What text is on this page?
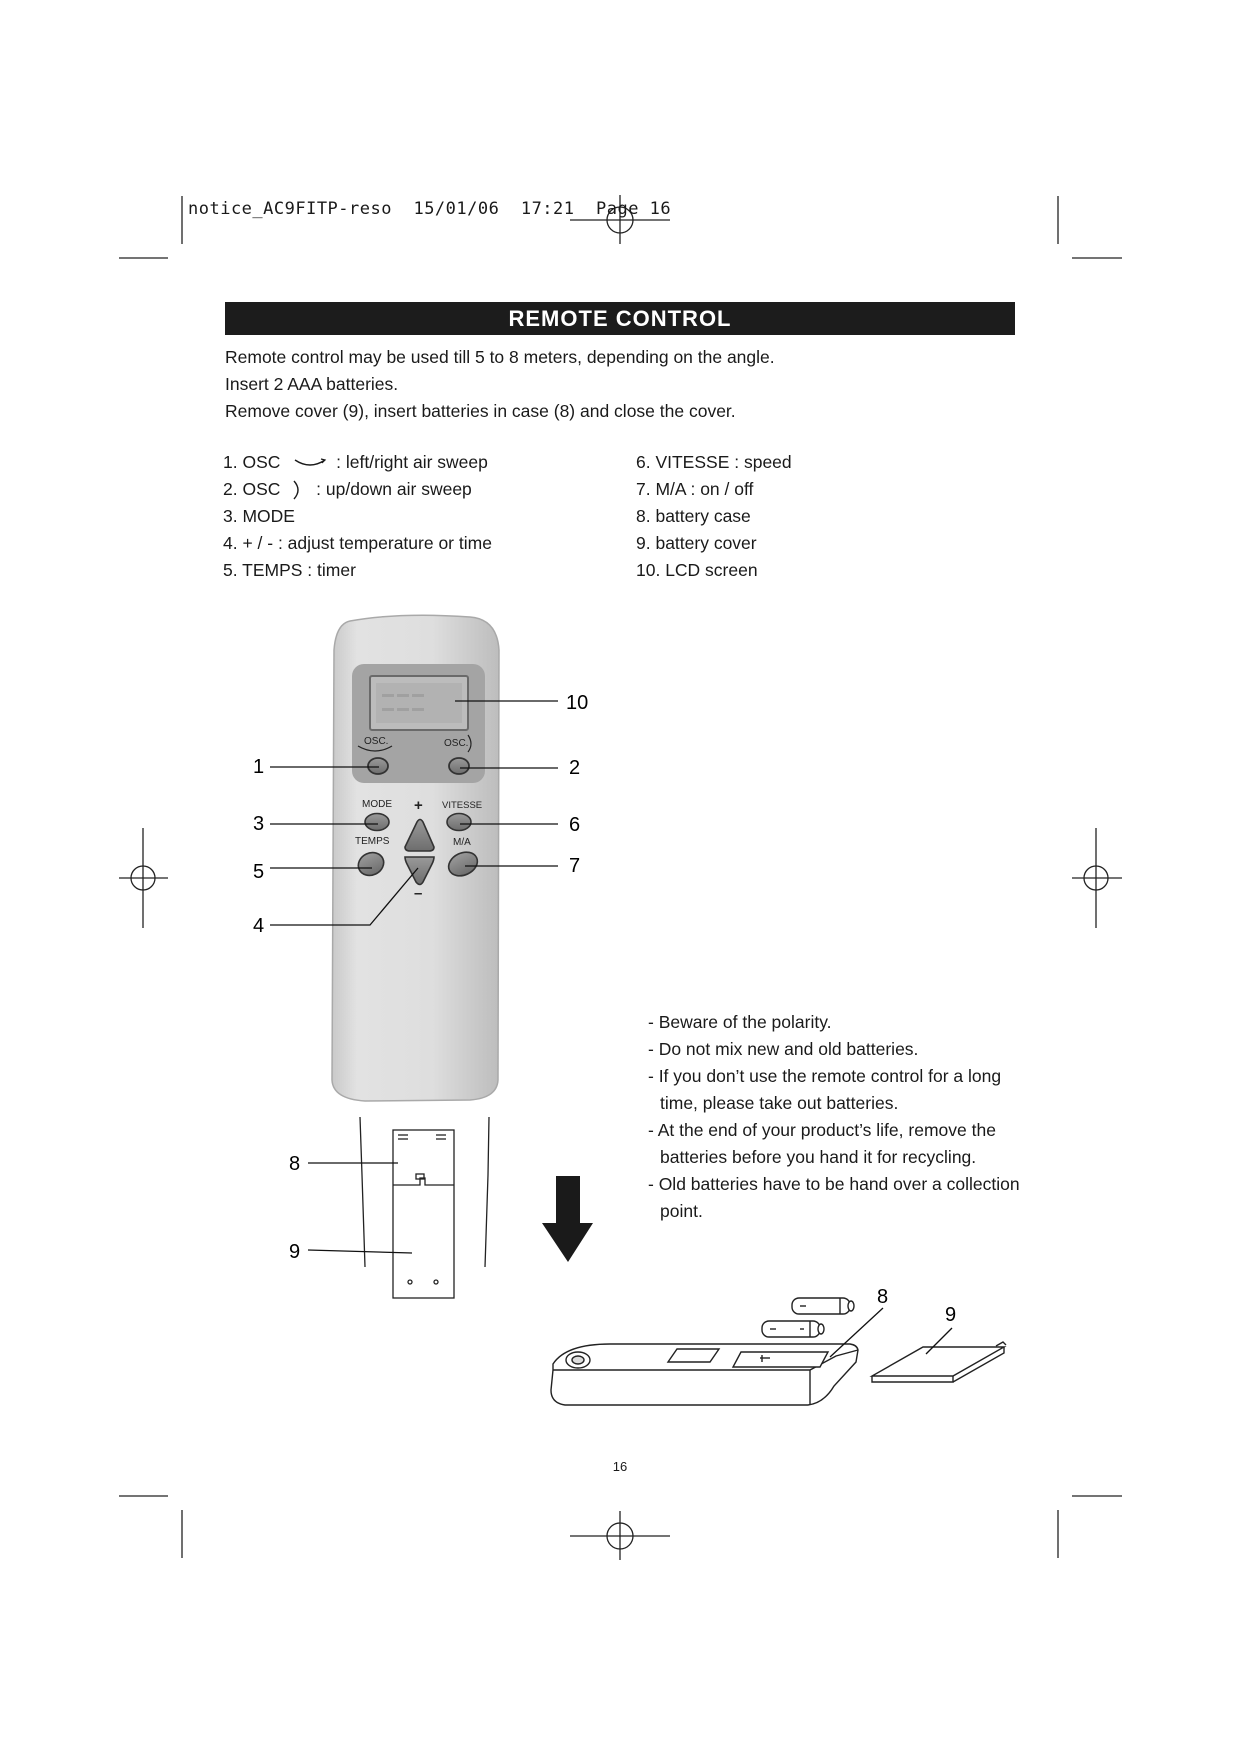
notice_AC9FITP-reso 15/01/06 17:21 Page 16
REMOTE CONTROL
Remote control may be used till 5 to 8 meters, depending on the angle.
Insert 2 AAA batteries.
Remove cover (9), insert batteries in case (8) and close the cover.
1. OSC	: left/right air sweep
2. OSC : up/down air sweep
3. MODE
4. + / - : adjust temperature or time
5. TEMPS : timer
6. VITESSE : speed
7. M/A : on / off
8. battery case
9. battery cover
10. LCD screen
OSC.	OSC.
MODE + VITESSE
TEMPS
–
M/A
1	2
3	6
5	7
4
10
8
9
8
9
- Beware of the polarity.
- Do not mix new and old batteries.
- If you don’t use the remote control for a long time, please take out batteries.
- At the end of your product’s life, remove the batteries before you hand it for recycling.
- Old batteries have to be hand over a collection point.
16
